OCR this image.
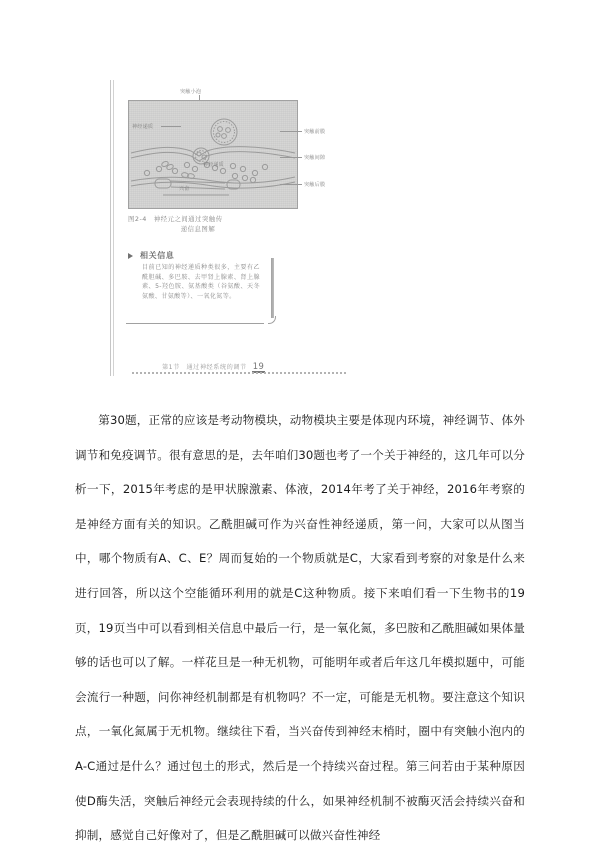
突触小泡
兴奋
神经递质
神经递质
突触前膜
突触间隙
突触后膜
图2-4　神经元之间通过突触传
递信息图解
相关信息
目前已知的神经递质种类很多，主要有乙酰胆碱、多巴胺、去甲肾上腺素、肾上腺素、5-羟色胺、氨基酸类（谷氨酸、天冬氨酸、甘氨酸等）、一氧化氮等。
第1节　通过神经系统的调节 19

第30题，正常的应该是考动物模块，动物模块主要是体现内环境，神经调节、体外调节和免疫调节。很有意思的是，去年咱们30题也考了一个关于神经的，这几年可以分析一下，2015年考虑的是甲状腺激素、体液，2014年考了关于神经，2016年考察的是神经方面有关的知识。乙酰胆碱可作为兴奋性神经递质，第一问，大家可以从图当中，哪个物质有A、C、E？周而复始的一个物质就是C，大家看到考察的对象是什么来进行回答，所以这个空能循环利用的就是C这种物质。接下来咱们看一下生物书的19页，19页当中可以看到相关信息中最后一行，是一氧化氮，多巴胺和乙酰胆碱如果体量够的话也可以了解。一样花旦是一种无机物，可能明年或者后年这几年模拟题中，可能会流行一种题，问你神经机制都是有机物吗？不一定，可能是无机物。要注意这个知识点，一氧化氮属于无机物。继续往下看，当兴奋传到神经末梢时，圈中有突触小泡内的A-C通过是什么？通过包土的形式，然后是一个持续兴奋过程。第三问若由于某种原因使D酶失活，突触后神经元会表现持续的什么，如果神经机制不被酶灭活会持续兴奋和抑制，感觉自己好像对了，但是乙酰胆碱可以做兴奋性神经
